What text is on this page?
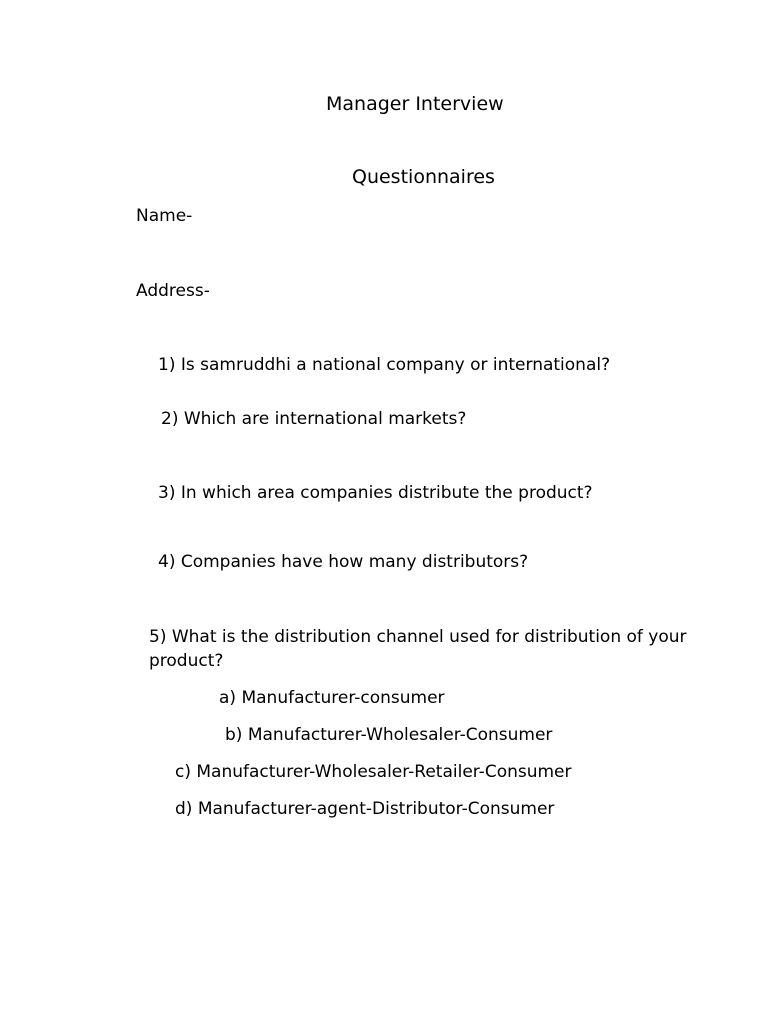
Manager Interview
Questionnaires
Name-
Address-
1) Is samruddhi a national company or international?
2) Which are international markets?
3) In which area companies distribute the product?
4) Companies have how many distributors?
5) What is the distribution channel used for distribution of your product?
a) Manufacturer-consumer
b) Manufacturer-Wholesaler-Consumer
c) Manufacturer-Wholesaler-Retailer-Consumer
d) Manufacturer-agent-Distributor-Consumer
